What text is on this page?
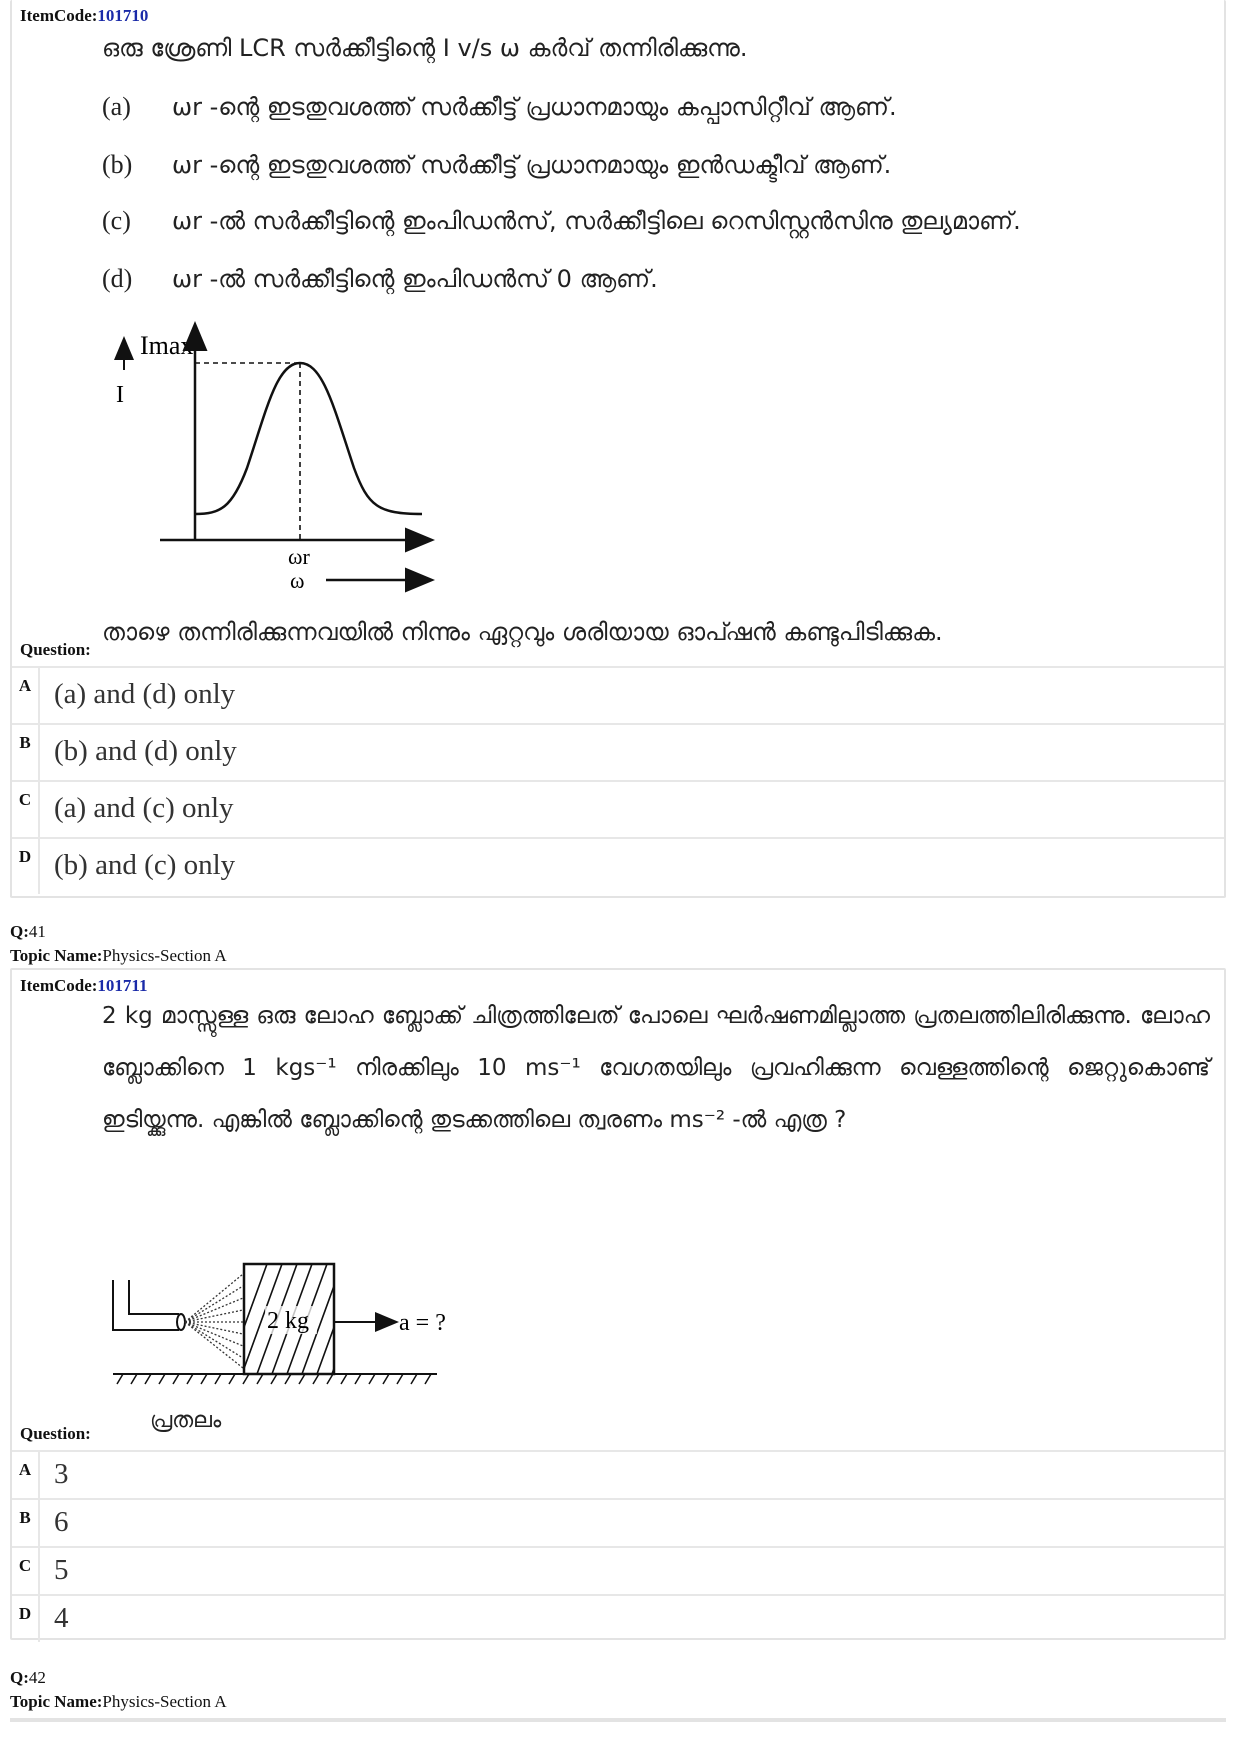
ItemCode:101710
ഒരു ശ്രേണി LCR സർക്കീട്ടിന്റെ I v/s ω കർവ് തന്നിരിക്കുന്നു.
(a) ωr -ന്റെ ഇടതുവശത്ത് സർക്കീട്ട് പ്രധാനമായും കപ്പാസിറ്റീവ് ആണ്.
(b) ωr -ന്റെ ഇടതുവശത്ത് സർക്കീട്ട് പ്രധാനമായും ഇൻഡക്ടീവ് ആണ്.
(c) ωr -ൽ സർക്കീട്ടിന്റെ ഇംപിഡൻസ്, സർക്കീട്ടിലെ റെസിസ്റ്റൻസിനു തുല്യമാണ്.
(d) ωr -ൽ സർക്കീട്ടിന്റെ ഇംപിഡൻസ് 0 ആണ്.
Imax
I
ωr
ω
താഴെ തന്നിരിക്കുന്നവയിൽ നിന്നും ഏറ്റവും ശരിയായ ഓപ്ഷൻ കണ്ടുപിടിക്കുക.
Question:
A (a) and (d) only
B (b) and (d) only
C (a) and (c) only
D (b) and (c) only
Q:41
Topic Name:Physics-Section A
ItemCode:101711
2 kg മാസ്സുള്ള ഒരു ലോഹ ബ്ലോക്ക് ചിത്രത്തിലേത് പോലെ ഘർഷണമില്ലാത്ത പ്രതലത്തിലിരിക്കുന്നു. ലോഹ ബ്ലോക്കിനെ 1 kgs⁻¹ നിരക്കിലും 10 ms⁻¹ വേഗതയിലും പ്രവഹിക്കുന്ന വെള്ളത്തിന്റെ ജെറ്റുകൊണ്ട് ഇടിയ്ക്കുന്നു. എങ്കിൽ ബ്ലോക്കിന്റെ തുടക്കത്തിലെ ത്വരണം ms⁻² -ൽ എത്ര ?
2 kg	a = ?
പ്രതലം
Question:
A 3
B 6
C 5
D 4
Q:42
Topic Name:Physics-Section A
